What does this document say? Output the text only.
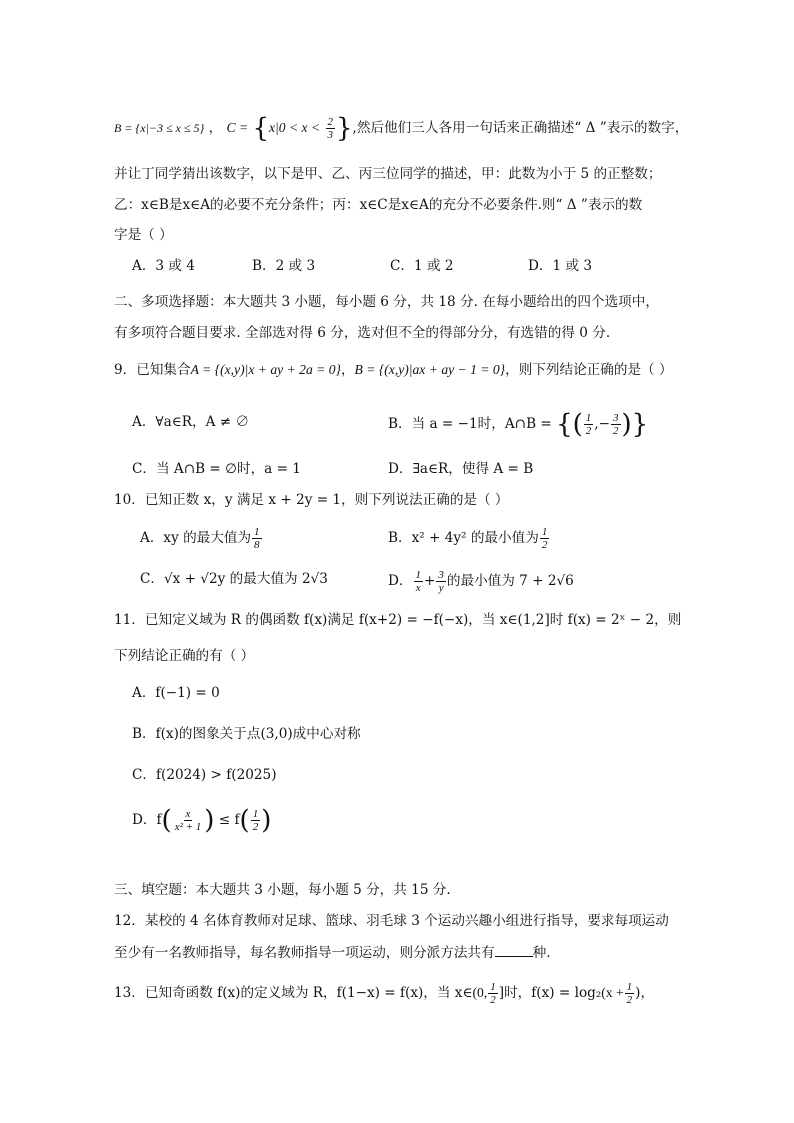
B = {x|−3 ≤ x ≤ 5} ， $C = \{x|0 < x < \frac{2}{3}$ },然后他们三人各用一句话来正确描述“ Δ ”表示的数字，
并让丁同学猜出该数字，以下是甲、乙、丙三位同学的描述，甲：此数为小于 5 的正整数；
乙：x∈B是x∈A的必要不充分条件；丙：x∈C是x∈A的充分不必要条件.则“ Δ ”表示的数
字是（ ）
A．3 或 4	B．2 或 3	C．1 或 2	D．1 或 3
二、多项选择题：本大题共 3 小题，每小题 6 分，共 18 分. 在每小题给出的四个选项中，
有多项符合题目要求. 全部选对得 6 分，选对但不全的得部分分，有选错的得 0 分.
9．已知集合A = {(x,y)|x + ay + 2a = 0}，B = {(x,y)|ax + ay − 1 = 0}，则下列结论正确的是（ ）
A．∀a∈R，A ≠ ∅	B．当 a = −1时，A∩B = {( $\frac{1}{2}$ ,− $\frac{3}{2}$ )}
C．当 A∩B = ∅时，a = 1	D．∃a∈R，使得 A = B
10．已知正数 x，y 满足 x + 2y = 1，则下列说法正确的是（ ）
A．xy 的最大值为 $\frac{1}{8}$	B．x² + 4y² 的最小值为 $\frac{1}{2}$
C．√x + √2y 的最大值为 2√3	D． $\frac{1}{x} + \frac{3}{y}$ 的最小值为 7 + 2√6
11．已知定义域为 R 的偶函数 f(x)满足 f(x+2) = −f(−x)，当 x∈(1,2]时 f(x) = 2ˣ − 2，则
下列结论正确的有（ ）
A．f(−1) = 0
B．f(x)的图象关于点(3,0)成中心对称
C．f(2024) > f(2025)
D．$f( \frac{x}{\text{x² + 1}}$ ) ≤ $f( \frac{1}{2}$ )
三、填空题：本大题共 3 小题，每小题 5 分，共 15 分.
12．某校的 4 名体育教师对足球、篮球、羽毛球 3 个运动兴趣小组进行指导，要求每项运动
至少有一名教师指导，每名教师指导一项运动，则分派方法共有	种.
13．已知奇函数 f(x)的定义域为 R，f(1−x) = f(x)，当 x∈(0, $\frac{1}{2}$ ]时，$f(x) = \log_2(x + \frac{1}{2}$ )，
